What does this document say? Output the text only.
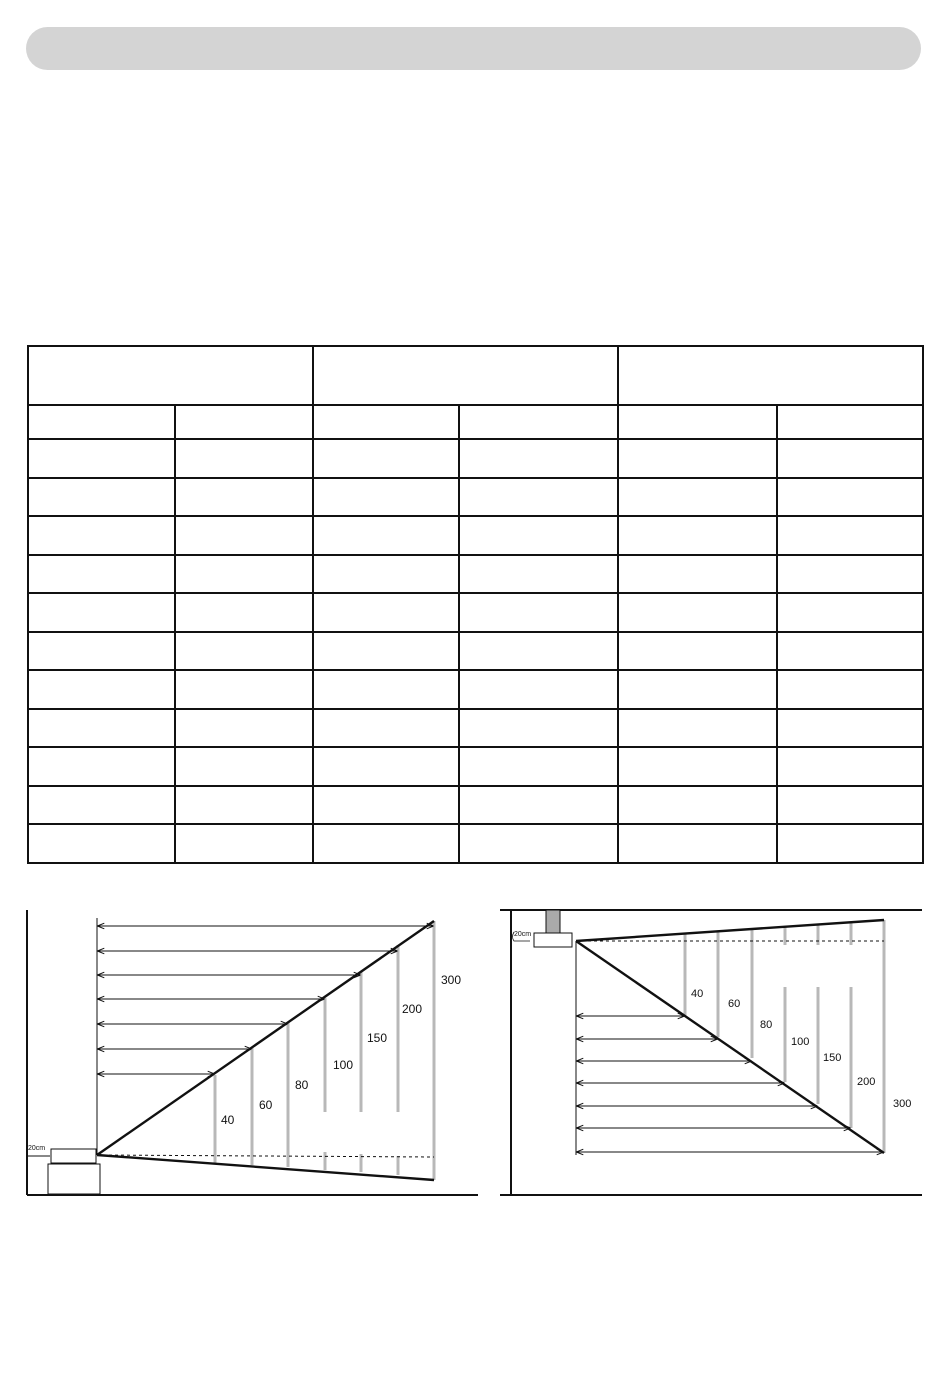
20cm
40
60
80
100
150
200
300
20cm
40
60
80
100
150
200
300
